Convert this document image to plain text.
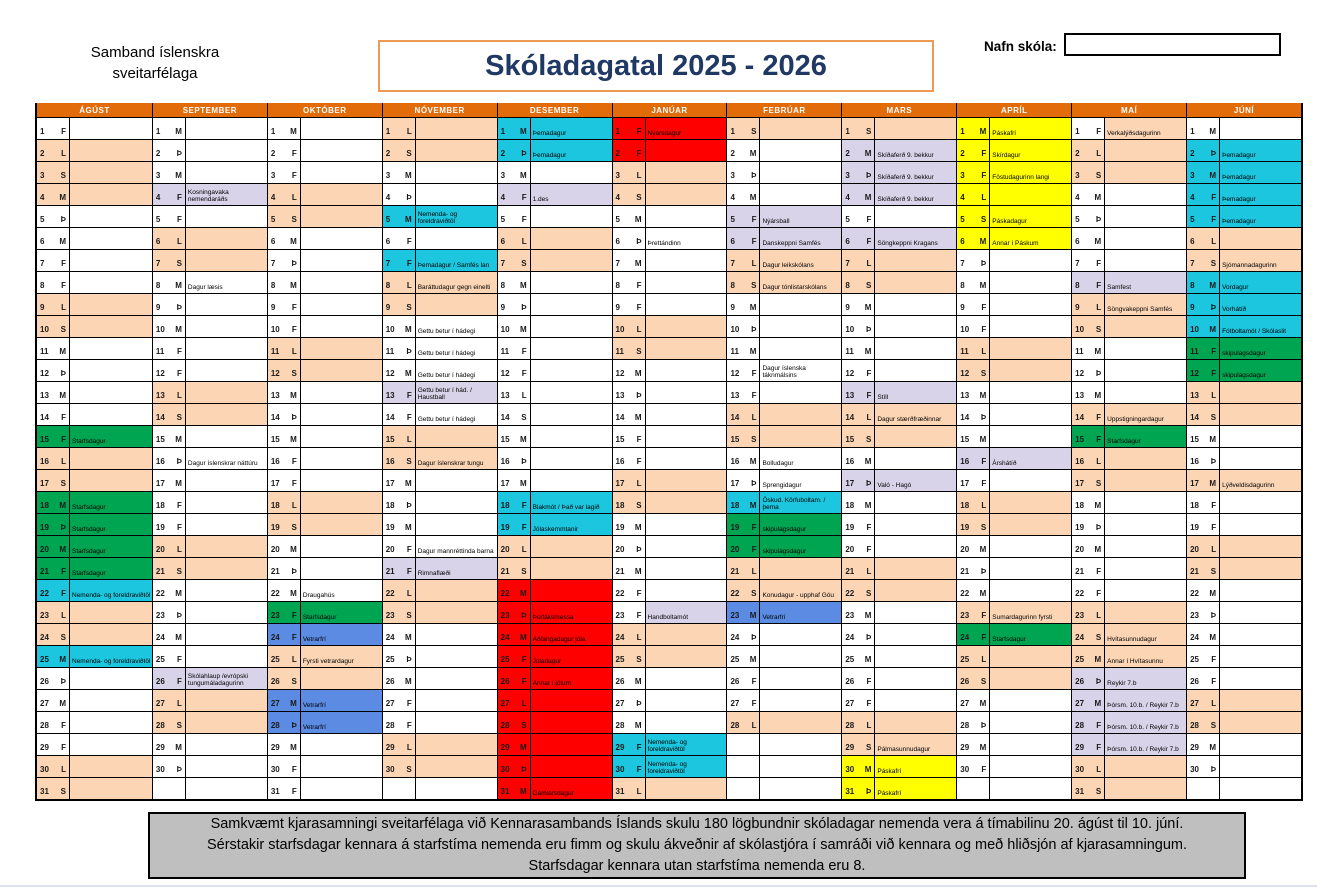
Samband íslenskra
sveitarfélaga	Skóladagatal 2025 - 2026
Nafn skóla:
ÁGÚST
1 F
2 L
3 S
4 M
5 Þ
6 M
7 F
8 F
9 L
10 S
11 M
12 Þ
13 M
14 F
15 F Starfsdagur
16 L
17 S
18 M Starfsdagur
19 Þ Starfsdagur
20 M Starfsdagur
21 F Starfsdagur
22 F Nemenda- og foreldraviðtöl
23 L
24 S
25 M Nemenda- og foreldraviðtöl
26 Þ
27 M
28 F
29 F
30 L
31 S
SEPTEMBER
1 M
2 Þ
3 M
4 F
Kosningavaka nemendaráðs
5 F
6 L
7 S
8 M Dagur læsis
9 Þ
10 M
11 F
12 F
13 L
14 S
15 M
16 Þ Dagur íslenskrar náttúru
17 M
18 F
19 F
20 L
21 S
22 M
23 Þ
24 M
25 F
26 F
Skólahlaup /evrópski tungumáladagurinn
27 L
28 S
29 M
30 Þ
OKTÓBER
1 M
2 F
3 F
4 L
5 S
6 M
7 Þ
8 M
9 F
10 F
11 L
12 S
13 M
14 Þ
15 M
16 F
17 F
18 L
19 S
20 M
21 Þ
22 M Draugahús
23 F Starfsdagur
24 F Vetrarfrí
25 L Fyrsti vetrardagur
26 S
27 M Vetrarfrí
28 Þ Vetrarfrí
29 M
30 F
31 F
NÓVEMBER
1 L
2 S
3 M
4 Þ
5 M
Nemenda- og foreldraviðtöl
6 F
7 F Þemadagur / Samfés lan
8 L Baráttudagur gegn einelti
9 S
10 M Gettu betur í hádegi
11 Þ Gettu betur í hádegi
12 M Gettu betur í hádegi
13 F
Gettu betur í hád. / Haustball
14 F Gettu betur í hádegi
15 L
16 S Dagur íslenskrar tungu
17 M
18 Þ
19 M
20 F Dagur mannréttinda barna
21 F Rimnaflæði
22 L
23 S
24 M
25 Þ
26 M
27 F
28 F
29 L
30 S
DESEMBER
1 M Þemadagur
2 Þ Þemadagur
3 M
4 F 1.des
5 F
6 L
7 S
8 M
9 Þ
10 M
11 F
12 F
13 L
14 S
15 M
16 Þ
17 M
18 F Blakmót / Það var lagið
19 F Jólaskemmtanir
20 L
21 S
22 M
23 Þ Þorláksmessa
24 M Aðfangadagur jóla
25 F Jóladagur
26 F Annar í jólum
27 L
28 S
29 M
30 Þ
31 M Gamlársdagur
JANÚAR
1 F Nýársdagur
2 F
3 L
4 S
5 M
6 Þ Þrettándinn
7 M
8 F
9 F
10 L
11 S
12 M
13 Þ
14 M
15 F
16 F
17 L
18 S
19 M
20 Þ
21 M
22 F
23 F Handboltamót
24 L
25 S
26 M
27 Þ
28 M
29 F
Nemenda- og foreldraviðtöl
30 F
Nemenda- og foreldraviðtöl
31 L
FEBRÚAR
1 S
2 M
3 Þ
4 M
5 F Nýársball
6 F Danskeppni Samfés
7 L Dagur leikskólans
8 S Dagur tónlistarskólans
9 M
10 Þ
11 M
12 F
Dagur íslenska táknmálsins
13 F
14 L
15 S
16 M Bolludagur
17 Þ Sprengidagur
18 M
Öskud. Körfuboltam. / þema
19 F skipulagsdagur
20 F skipulagsdagur
21 L
22 S Konudagur - upphaf Góu
23 M Vetrarfrí
24 Þ
25 M
26 F
27 F
28 L
MARS
1 S
2 M Skíðaferð 9. bekkur
3 Þ Skíðaferð 9. bekkur
4 M Skíðaferð 9. bekkur
5 F
6 F Söngkeppni Kragans
7 L
8 S
9 M
10 Þ
11 M
12 F
13 F Stíll
14 L Dagur stærðfræðinnar
15 S
16 M
17 Þ Való - Hagó
18 M
19 F
20 F
21 L
22 S
23 M
24 Þ
25 M
26 F
27 F
28 L
29 S Pálmasunnudagur
30 M Páskafrí
31 Þ Páskafrí
APRÍL
1 M Páskafrí
2 F Skírdagur
3 F Föstudagurinn langi
4 L
5 S Páskadagur
6 M Annar í Páskum
7 Þ
8 M
9 F
10 F
11 L
12 S
13 M
14 Þ
15 M
16 F Árshátíð
17 F
18 L
19 S
20 M
21 Þ
22 M
23 F Sumardagurinn fyrsti
24 F Starfsdagur
25 L
26 S
27 M
28 Þ
29 M
30 F
MAÍ
1 F Verkalýðsdagurinn
2 L
3 S
4 M
5 Þ
6 M
7 F
8 F Samfest
9 L Söngvakeppni Samfés
10 S
11 M
12 Þ
13 M
14 F Uppstigningardagur
15 F Starfsdagur
16 L
17 S
18 M
19 Þ
20 M
21 F
22 F
23 L
24 S Hvítasunnudagur
25 M Annar í Hvítasunnu
26 Þ Reykir 7.b
27 M Þórsm. 10.b. / Reykir 7.b
28 F Þórsm. 10.b. / Reykir 7.b
29 F Þórsm. 10.b. / Reykir 7.b
30 L
31 S
JÚNÍ
1 M
2 Þ Þemadagur
3 M Þemadagur
4 F Þemadagur
5 F Þemadagur
6 L
7 S Sjómannadagurinn
8 M Vordagur
9 Þ Vorhátíð
10 M Fótboltamót / Skólaslit
11 F skipulagsdagur
12 F skipulagsdagur
13 L
14 S
15 M
16 Þ
17 M Lýðveldisdagurinn
18 F
19 F
20 L
21 S
22 M
23 Þ
24 M
25 F
26 F
27 L
28 S
29 M
30 Þ
Samkvæmt kjarasamningi sveitarfélaga við Kennarasambands Íslands skulu 180 lögbundnir skóladagar nemenda vera á tímabilinu 20. ágúst til 10. júní.
Sérstakir starfsdagar kennara á starfstíma nemenda eru fimm og skulu ákveðnir af skólastjóra í samráði við kennara og með hliðsjón af kjarasamningum.
Starfsdagar kennara utan starfstíma nemenda eru 8.
